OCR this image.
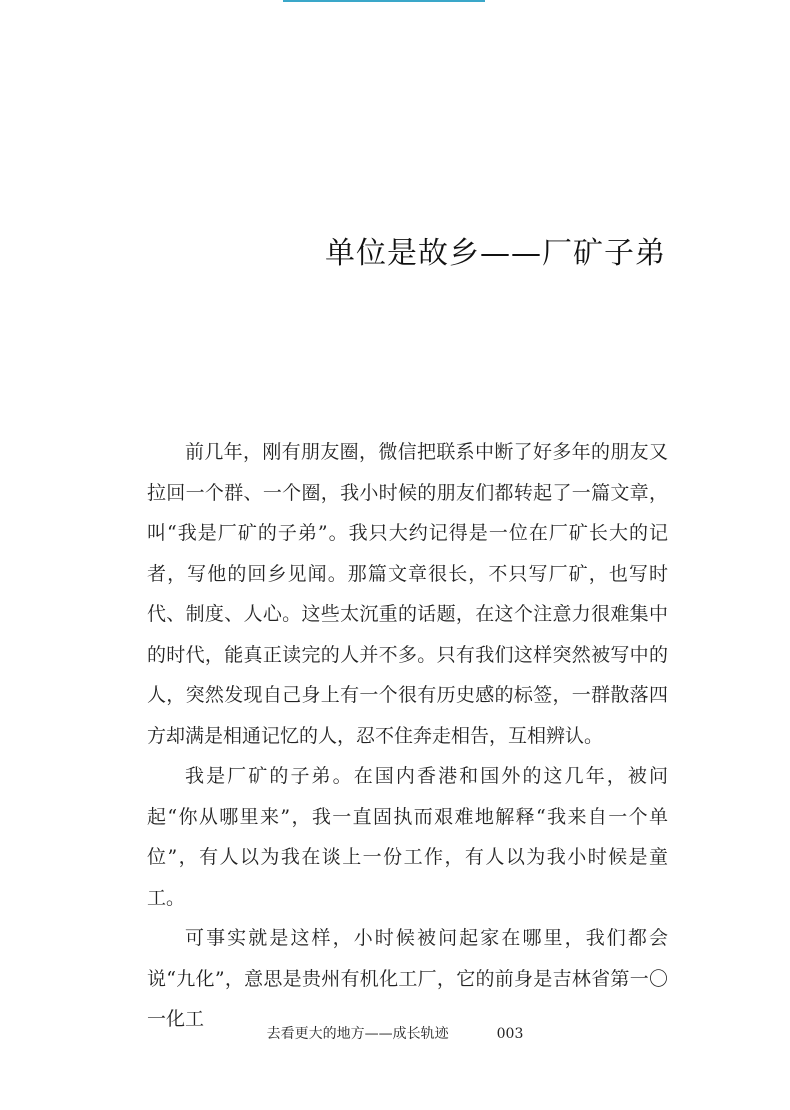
单位是故乡——厂矿子弟

前几年，刚有朋友圈，微信把联系中断了好多年的朋友又拉回一个群、一个圈，我小时候的朋友们都转起了一篇文章，叫“我是厂矿的子弟”。我只大约记得是一位在厂矿长大的记者，写他的回乡见闻。那篇文章很长，不只写厂矿，也写时代、制度、人心。这些太沉重的话题，在这个注意力很难集中的时代，能真正读完的人并不多。只有我们这样突然被写中的人，突然发现自己身上有一个很有历史感的标签，一群散落四方却满是相通记忆的人，忍不住奔走相告，互相辨认。

我是厂矿的子弟。在国内香港和国外的这几年，被问起“你从哪里来”，我一直固执而艰难地解释“我来自一个单位”，有人以为我在谈上一份工作，有人以为我小时候是童工。

可事实就是这样，小时候被问起家在哪里，我们都会说“九化”，意思是贵州有机化工厂，它的前身是吉林省第一〇一化工

去看更大的地方——成长轨迹	003
